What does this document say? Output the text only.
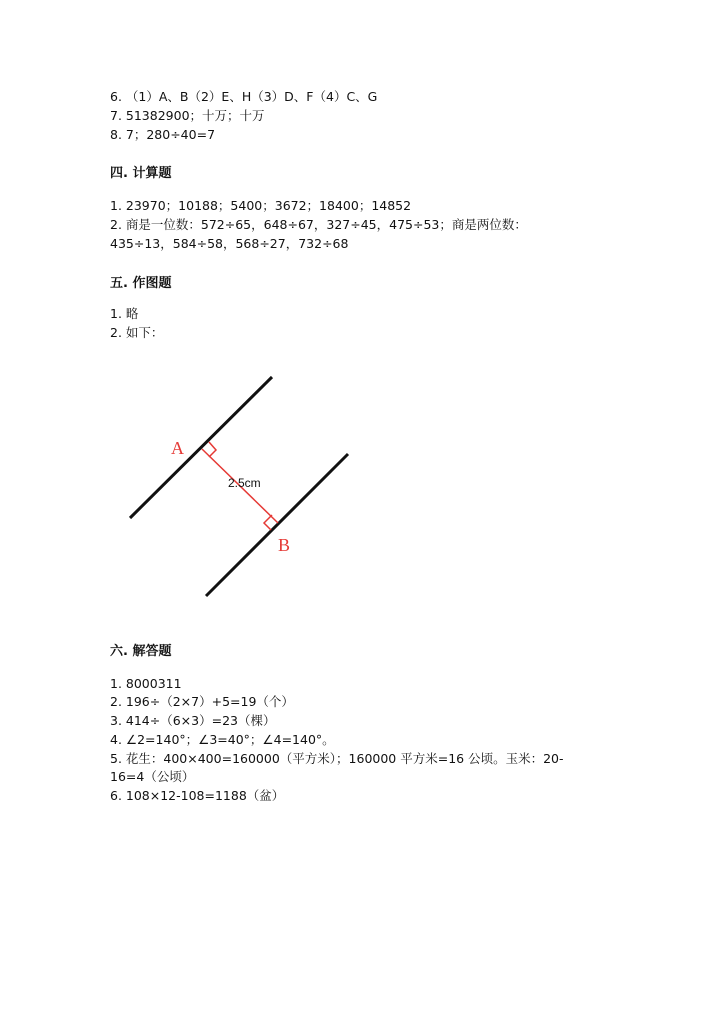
6. （1）A、B（2）E、H（3）D、F（4）C、G
7. 51382900；十万；十万
8. 7；280÷40=7
四. 计算题
1. 23970；10188；5400；3672；18400；14852
2. 商是一位数：572÷65，648÷67，327÷45，475÷53；商是两位数：
435÷13，584÷58，568÷27，732÷68
五. 作图题
1. 略
2. 如下：
A
B
2.5cm
六. 解答题
1. 8000311
2. 196÷（2×7）+5=19（个）
3. 414÷（6×3）=23（棵）
4. ∠2=140°；∠3=40°；∠4=140°。
5. 花生：400×400=160000（平方米）；160000 平方米=16 公顷。玉米：20-
16=4（公顷）
6. 108×12-108=1188（盆）
